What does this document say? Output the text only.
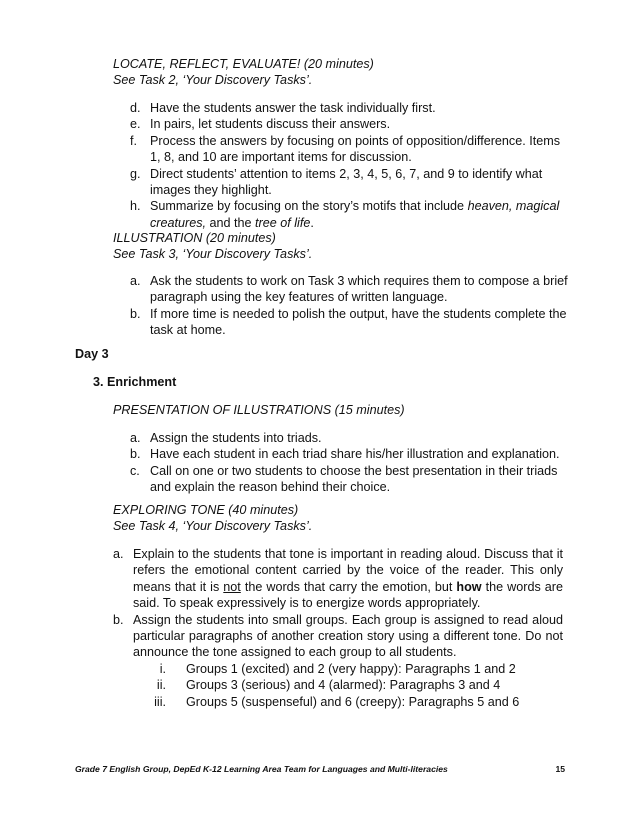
LOCATE, REFLECT, EVALUATE! (20 minutes)
See Task 2, ‘Your Discovery Tasks’.
d. Have the students answer the task individually first.
e. In pairs, let students discuss their answers.
f.	Process the answers by focusing on points of opposition/difference. Items 1, 8, and 10 are important items for discussion.
g. Direct students’ attention to items 2, 3, 4, 5, 6, 7, and 9 to identify what images they highlight.
h. Summarize by focusing on the story’s motifs that include heaven, magical creatures, and the tree of life.
ILLUSTRATION (20 minutes)
See Task 3, ‘Your Discovery Tasks’.
a. Ask the students to work on Task 3 which requires them to compose a brief paragraph using the key features of written language.
b. If more time is needed to polish the output, have the students complete the task at home.
Day 3
3. Enrichment
PRESENTATION OF ILLUSTRATIONS (15 minutes)
a. Assign the students into triads.
b. Have each student in each triad share his/her illustration and explanation.
c. Call on one or two students to choose the best presentation in their triads and explain the reason behind their choice.
EXPLORING TONE (40 minutes)
See Task 4, ‘Your Discovery Tasks’.
a. Explain to the students that tone is important in reading aloud. Discuss that it refers the emotional content carried by the voice of the reader. This only means that it is not the words that carry the emotion, but how the words are said. To speak expressively is to energize words appropriately.
b. Assign the students into small groups. Each group is assigned to read aloud particular paragraphs of another creation story using a different tone. Do not announce the tone assigned to each group to all students.
i. Groups 1 (excited) and 2 (very happy): Paragraphs 1 and 2
ii. Groups 3 (serious) and 4 (alarmed): Paragraphs 3 and 4
iii. Groups 5 (suspenseful) and 6 (creepy): Paragraphs 5 and 6
Grade 7 English Group, DepEd K-12 Learning Area Team for Languages and Multi-literacies	15
